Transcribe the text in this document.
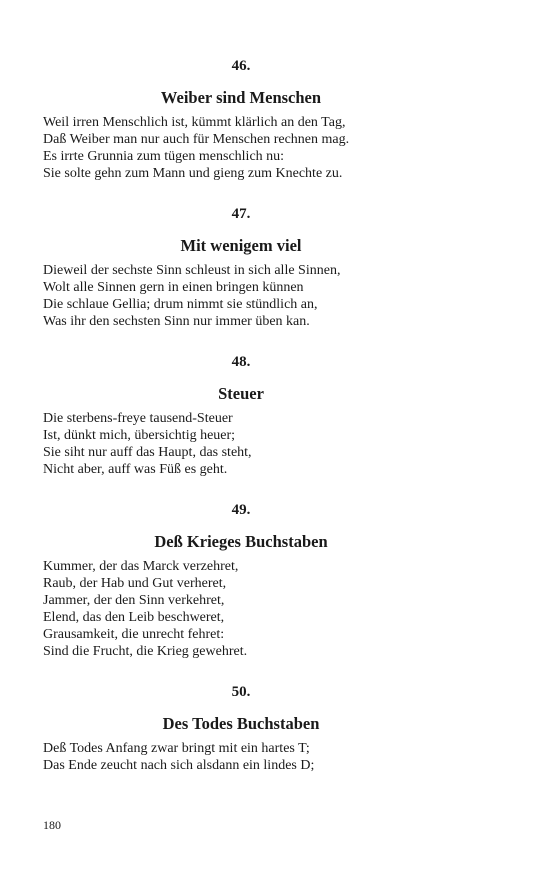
46.
Weiber sind Menschen
Weil irren Menschlich ist, kümmt klärlich an den Tag,
Daß Weiber man nur auch für Menschen rechnen mag.
Es irrte Grunnia zum tügen menschlich nu:
Sie solte gehn zum Mann und gieng zum Knechte zu.
47.
Mit wenigem viel
Dieweil der sechste Sinn schleust in sich alle Sinnen,
Wolt alle Sinnen gern in einen bringen künnen
Die schlaue Gellia; drum nimmt sie stündlich an,
Was ihr den sechsten Sinn nur immer üben kan.
48.
Steuer
Die sterbens-freye tausend-Steuer
Ist, dünkt mich, übersichtig heuer;
Sie siht nur auff das Haupt, das steht,
Nicht aber, auff was Füß es geht.
49.
Deß Krieges Buchstaben
Kummer, der das Marck verzehret,
Raub, der Hab und Gut verheret,
Jammer, der den Sinn verkehret,
Elend, das den Leib beschweret,
Grausamkeit, die unrecht fehret:
Sind die Frucht, die Krieg gewehret.
50.
Des Todes Buchstaben
Deß Todes Anfang zwar bringt mit ein hartes T;
Das Ende zeucht nach sich alsdann ein lindes D;
180
